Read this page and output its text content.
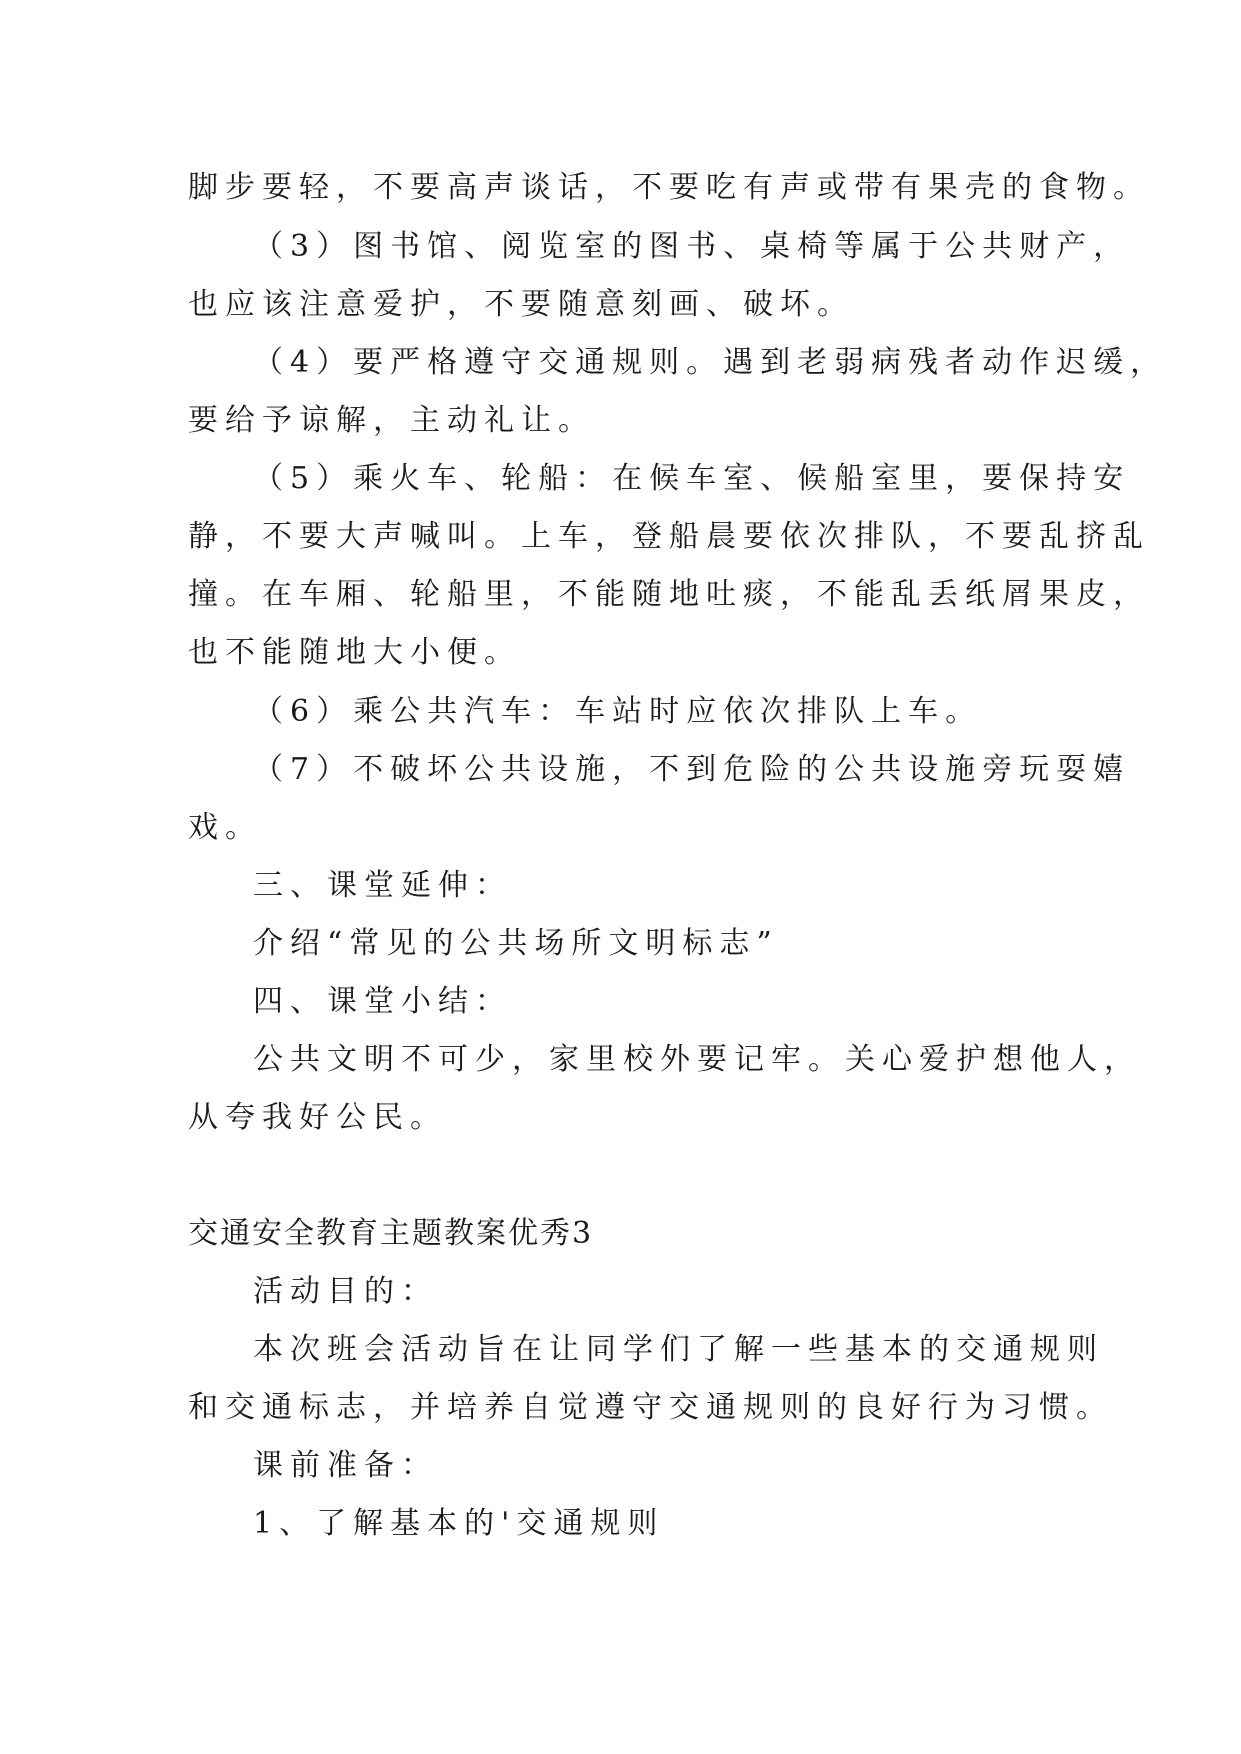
脚步要轻，不要高声谈话，不要吃有声或带有果壳的食物。
（3）图书馆、阅览室的图书、桌椅等属于公共财产，
也应该注意爱护，不要随意刻画、破坏。
（4）要严格遵守交通规则。遇到老弱病残者动作迟缓，
要给予谅解，主动礼让。
（5）乘火车、轮船：在候车室、候船室里，要保持安
静，不要大声喊叫。上车，登船晨要依次排队，不要乱挤乱
撞。在车厢、轮船里，不能随地吐痰，不能乱丢纸屑果皮，
也不能随地大小便。
（6）乘公共汽车：车站时应依次排队上车。
（7）不破坏公共设施，不到危险的公共设施旁玩耍嬉
戏。
三、课堂延伸：
介绍“常见的公共场所文明标志”
四、课堂小结：
公共文明不可少，家里校外要记牢。关心爱护想他人，
从夸我好公民。
交通安全教育主题教案优秀3
活动目的：
本次班会活动旨在让同学们了解一些基本的交通规则
和交通标志，并培养自觉遵守交通规则的良好行为习惯。
课前准备：
1、了解基本的'交通规则
